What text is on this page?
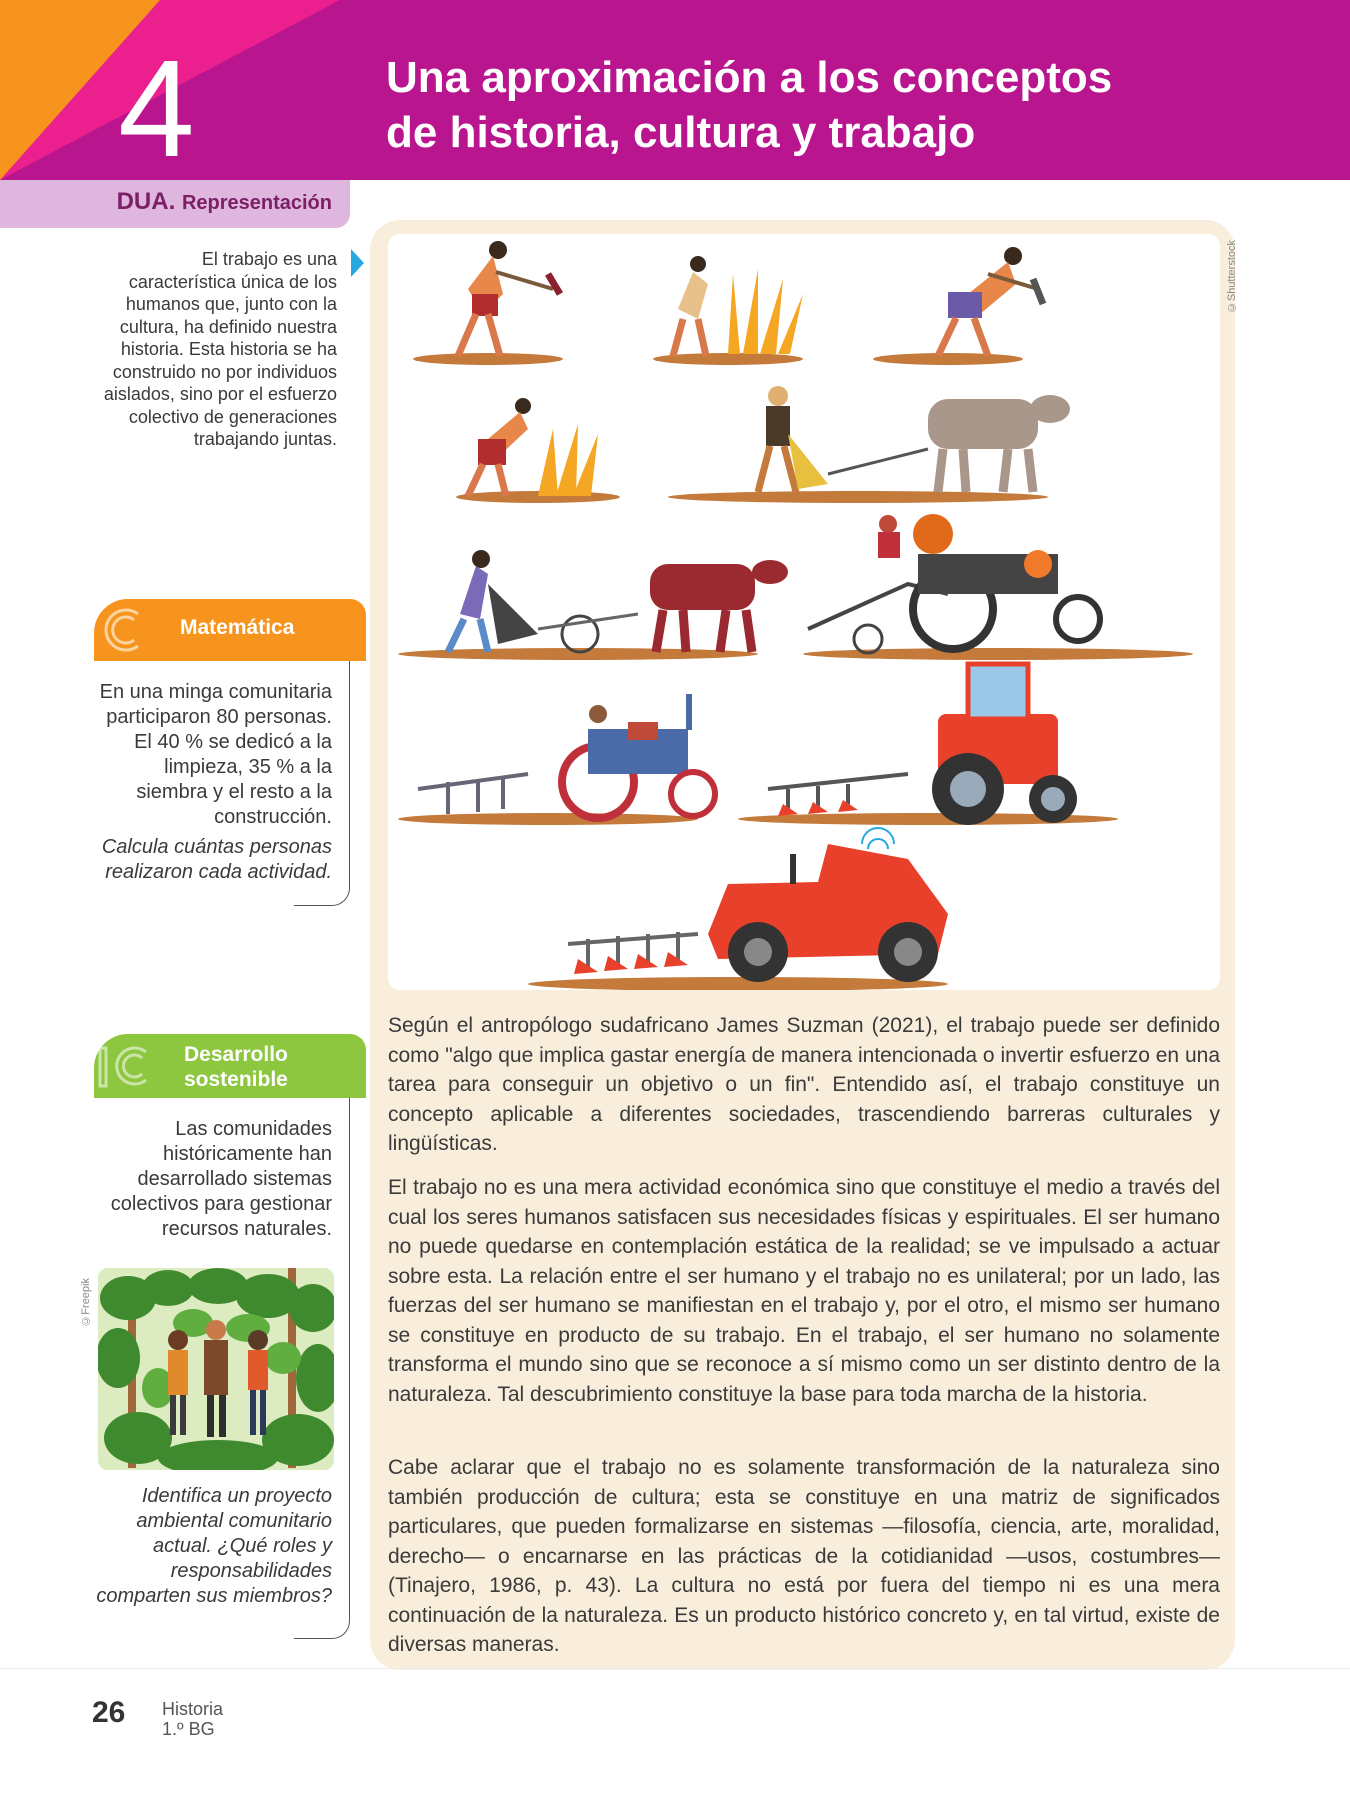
4	Una aproximación a los conceptos
de historia, cultura y trabajo
DUA. Representación
El trabajo es una característica única de los humanos que, junto con la cultura, ha definido nuestra historia. Esta historia se ha construido no por individuos aislados, sino por el esfuerzo colectivo de generaciones trabajando juntas.
Matemática
En una minga comunitaria participaron 80 personas. El 40 % se dedicó a la limpieza, 35 % a la siembra y el resto a la construcción.
Calcula cuántas personas realizaron cada actividad.
Desarrollo
sostenible
Las comunidades históricamente han desarrollado sistemas colectivos para gestionar recursos naturales.
©Freepik
Identifica un proyecto ambiental comunitario actual. ¿Qué roles y responsabilidades comparten sus miembros?
©Shutterstock

Según el antropólogo sudafricano James Suzman (2021), el trabajo puede ser definido como "algo que implica gastar energía de manera intencionada o invertir esfuerzo en una tarea para conseguir un objetivo o un fin". Entendido así, el trabajo constituye un concepto aplicable a diferentes sociedades, trascendiendo barreras culturales y lingüísticas.

El trabajo no es una mera actividad económica sino que constituye el medio a través del cual los seres humanos satisfacen sus necesidades físicas y espirituales. El ser humano no puede quedarse en contemplación estática de la realidad; se ve impulsado a actuar sobre esta. La relación entre el ser humano y el trabajo no es unilateral; por un lado, las fuerzas del ser humano se manifiestan en el trabajo y, por el otro, el mismo ser humano se constituye en producto de su trabajo. En el trabajo, el ser humano no solamente transforma el mundo sino que se reconoce a sí mismo como un ser distinto dentro de la naturaleza. Tal descubrimiento constituye la base para toda marcha de la historia.

Cabe aclarar que el trabajo no es solamente transformación de la naturaleza sino también producción de cultura; esta se constituye en una matriz de significados particulares, que pueden formalizarse en sistemas —filosofía, ciencia, arte, moralidad, derecho— o encarnarse en las prácticas de la cotidianidad —usos, costumbres— (Tinajero, 1986, p. 43). La cultura no está por fuera del tiempo ni es una mera continuación de la naturaleza. Es un producto histórico concreto y, en tal virtud, existe de diversas maneras.

26 Historia
1.º BG
